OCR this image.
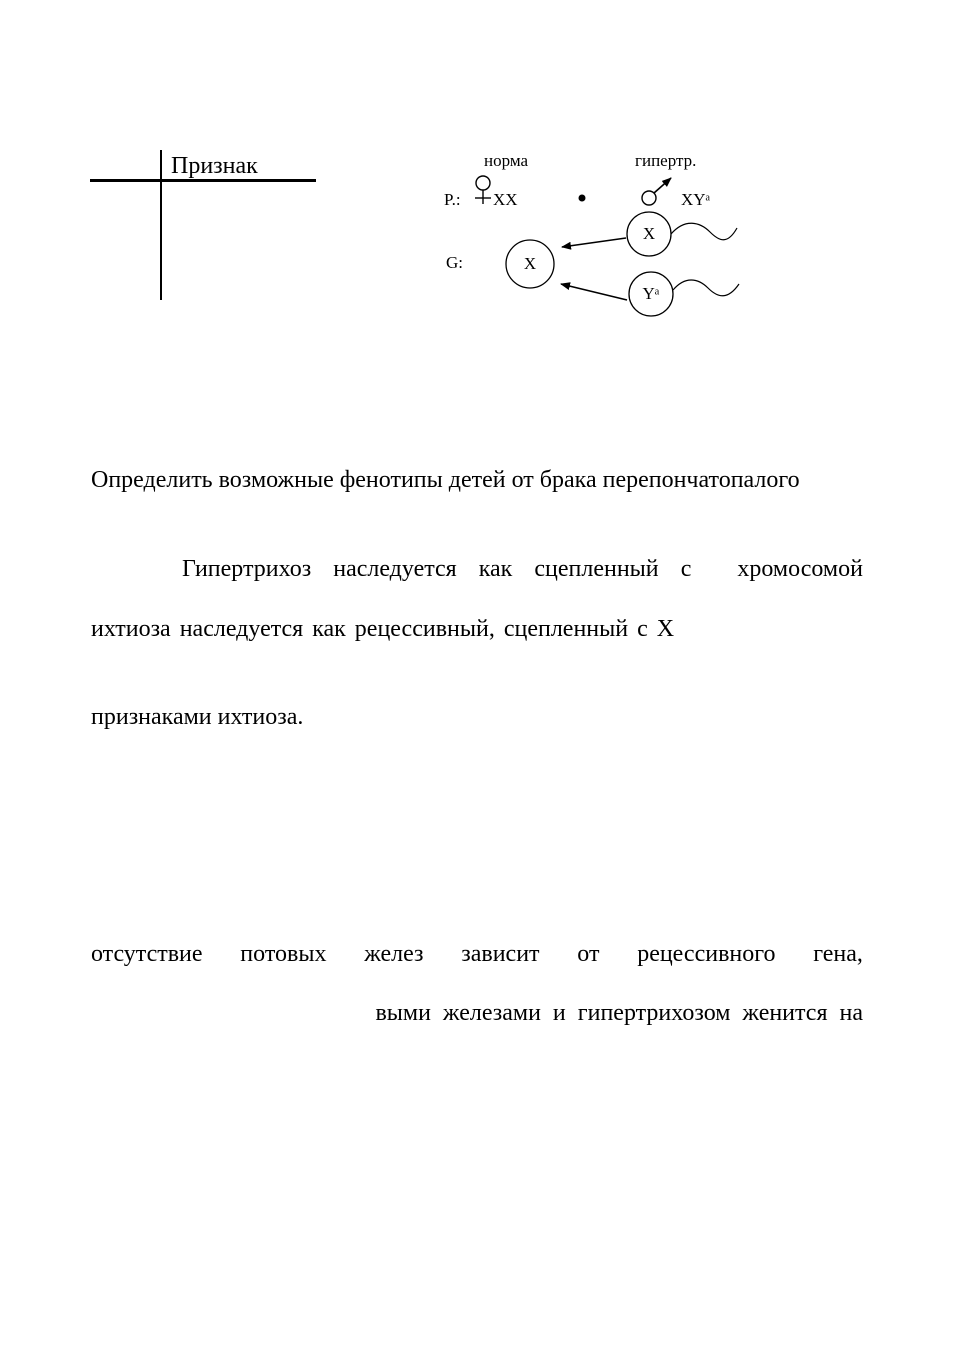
Признак	норма	гипертр.
P.: XX	XYᵃ
G:	X
X
Yᵃ
Определить возможные фенотипы детей от брака перепончатопалого
Гипертрихоз наследуется как сцепленный с хромосомой
ихтиоза наследуется как рецессивный, сцепленный с X
признаками ихтиоза.
отсутствие потовых желез зависит от рецессивного гена,
выми железами и гипертрихозом женится на
